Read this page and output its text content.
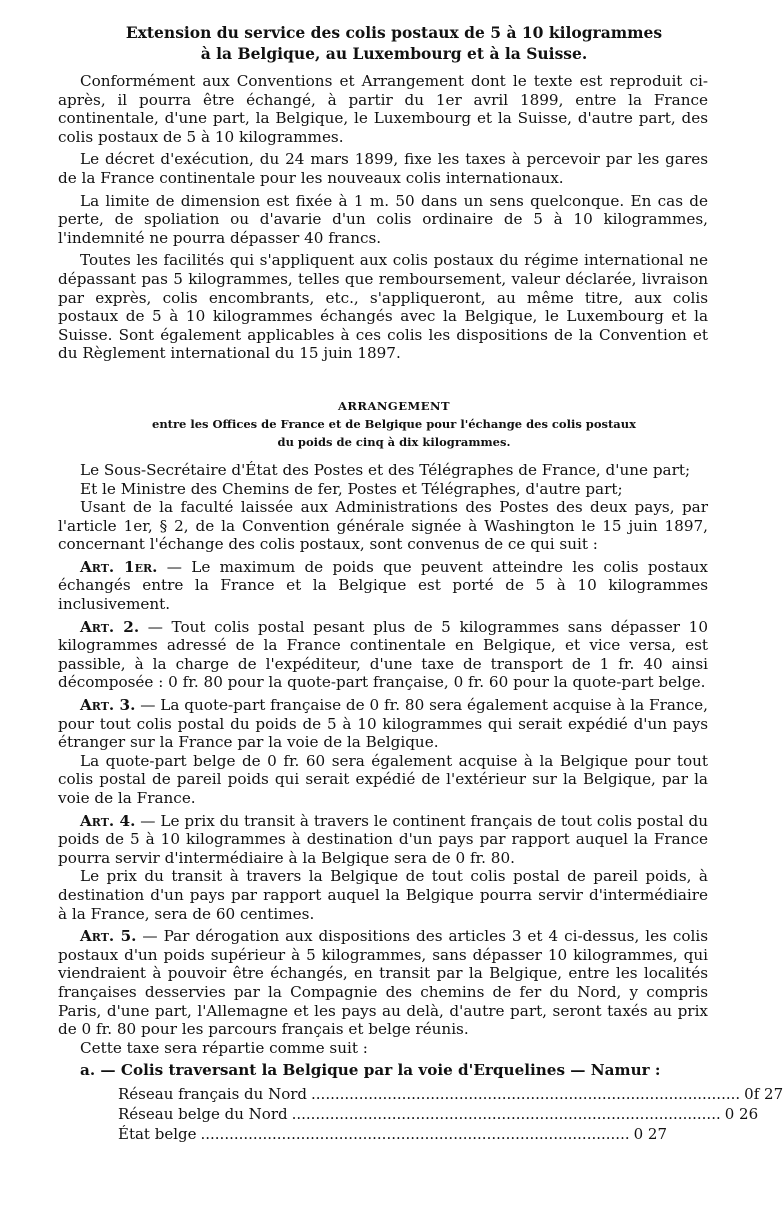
Extension du service des colis postaux de 5 à 10 kilogrammes

à la Belgique, au Luxembourg et à la Suisse.

Conformément aux Conventions et Arrangement dont le texte est reproduit ci-après, il pourra être échangé, à partir du 1er avril 1899, entre la France continentale, d'une part, la Belgique, le Luxembourg et la Suisse, d'autre part, des colis postaux de 5 à 10 kilogrammes.

Le décret d'exécution, du 24 mars 1899, fixe les taxes à percevoir par les gares de la France continentale pour les nouveaux colis internationaux.

La limite de dimension est fixée à 1 m. 50 dans un sens quelconque. En cas de perte, de spoliation ou d'avarie d'un colis ordinaire de 5 à 10 kilogrammes, l'indemnité ne pourra dépasser 40 francs.

Toutes les facilités qui s'appliquent aux colis postaux du régime international ne dépassant pas 5 kilogrammes, telles que remboursement, valeur déclarée, livraison par exprès, colis encombrants, etc., s'appliqueront, au même titre, aux colis postaux de 5 à 10 kilogrammes échangés avec la Belgique, le Luxembourg et la Suisse. Sont également applicables à ces colis les dispositions de la Convention et du Règlement international du 15 juin 1897.

ARRANGEMENT

entre les Offices de France et de Belgique pour l'échange des colis postaux

du poids de cinq à dix kilogrammes.

Le Sous-Secrétaire d'État des Postes et des Télégraphes de France, d'une part;

Et le Ministre des Chemins de fer, Postes et Télégraphes, d'autre part;

Usant de la faculté laissée aux Administrations des Postes des deux pays, par l'article 1er, § 2, de la Convention générale signée à Washington le 15 juin 1897, concernant l'échange des colis postaux, sont convenus de ce qui suit :

Art. 1er. — Le maximum de poids que peuvent atteindre les colis postaux échangés entre la France et la Belgique est porté de 5 à 10 kilogrammes inclusivement.

Art. 2. — Tout colis postal pesant plus de 5 kilogrammes sans dépasser 10 kilogrammes adressé de la France continentale en Belgique, et vice versa, est passible, à la charge de l'expéditeur, d'une taxe de transport de 1 fr. 40 ainsi décomposée : 0 fr. 80 pour la quote-part française, 0 fr. 60 pour la quote-part belge.

Art. 3. — La quote-part française de 0 fr. 80 sera également acquise à la France, pour tout colis postal du poids de 5 à 10 kilogrammes qui serait expédié d'un pays étranger sur la France par la voie de la Belgique.

La quote-part belge de 0 fr. 60 sera également acquise à la Belgique pour tout colis postal de pareil poids qui serait expédié de l'extérieur sur la Belgique, par la voie de la France.

Art. 4. — Le prix du transit à travers le continent français de tout colis postal du poids de 5 à 10 kilogrammes à destination d'un pays par rapport auquel la France pourra servir d'intermédiaire à la Belgique sera de 0 fr. 80.

Le prix du transit à travers la Belgique de tout colis postal de pareil poids, à destination d'un pays par rapport auquel la Belgique pourra servir d'intermédiaire à la France, sera de 60 centimes.

Art. 5. — Par dérogation aux dispositions des articles 3 et 4 ci-dessus, les colis postaux d'un poids supérieur à 5 kilogrammes, sans dépasser 10 kilogrammes, qui viendraient à pouvoir être échangés, en transit par la Belgique, entre les localités françaises desservies par la Compagnie des chemins de fer du Nord, y compris Paris, d'une part, l'Allemagne et les pays au delà, d'autre part, seront taxés au prix de 0 fr. 80 pour les parcours français et belge réunis.

Cette taxe sera répartie comme suit :

a. — Colis traversant la Belgique par la voie d'Erquelines — Namur :

Réseau français du Nord .......................................................................................... 0f 27
Réseau belge du Nord .......................................................................................... 0 26
État belge .......................................................................................... 0 27
